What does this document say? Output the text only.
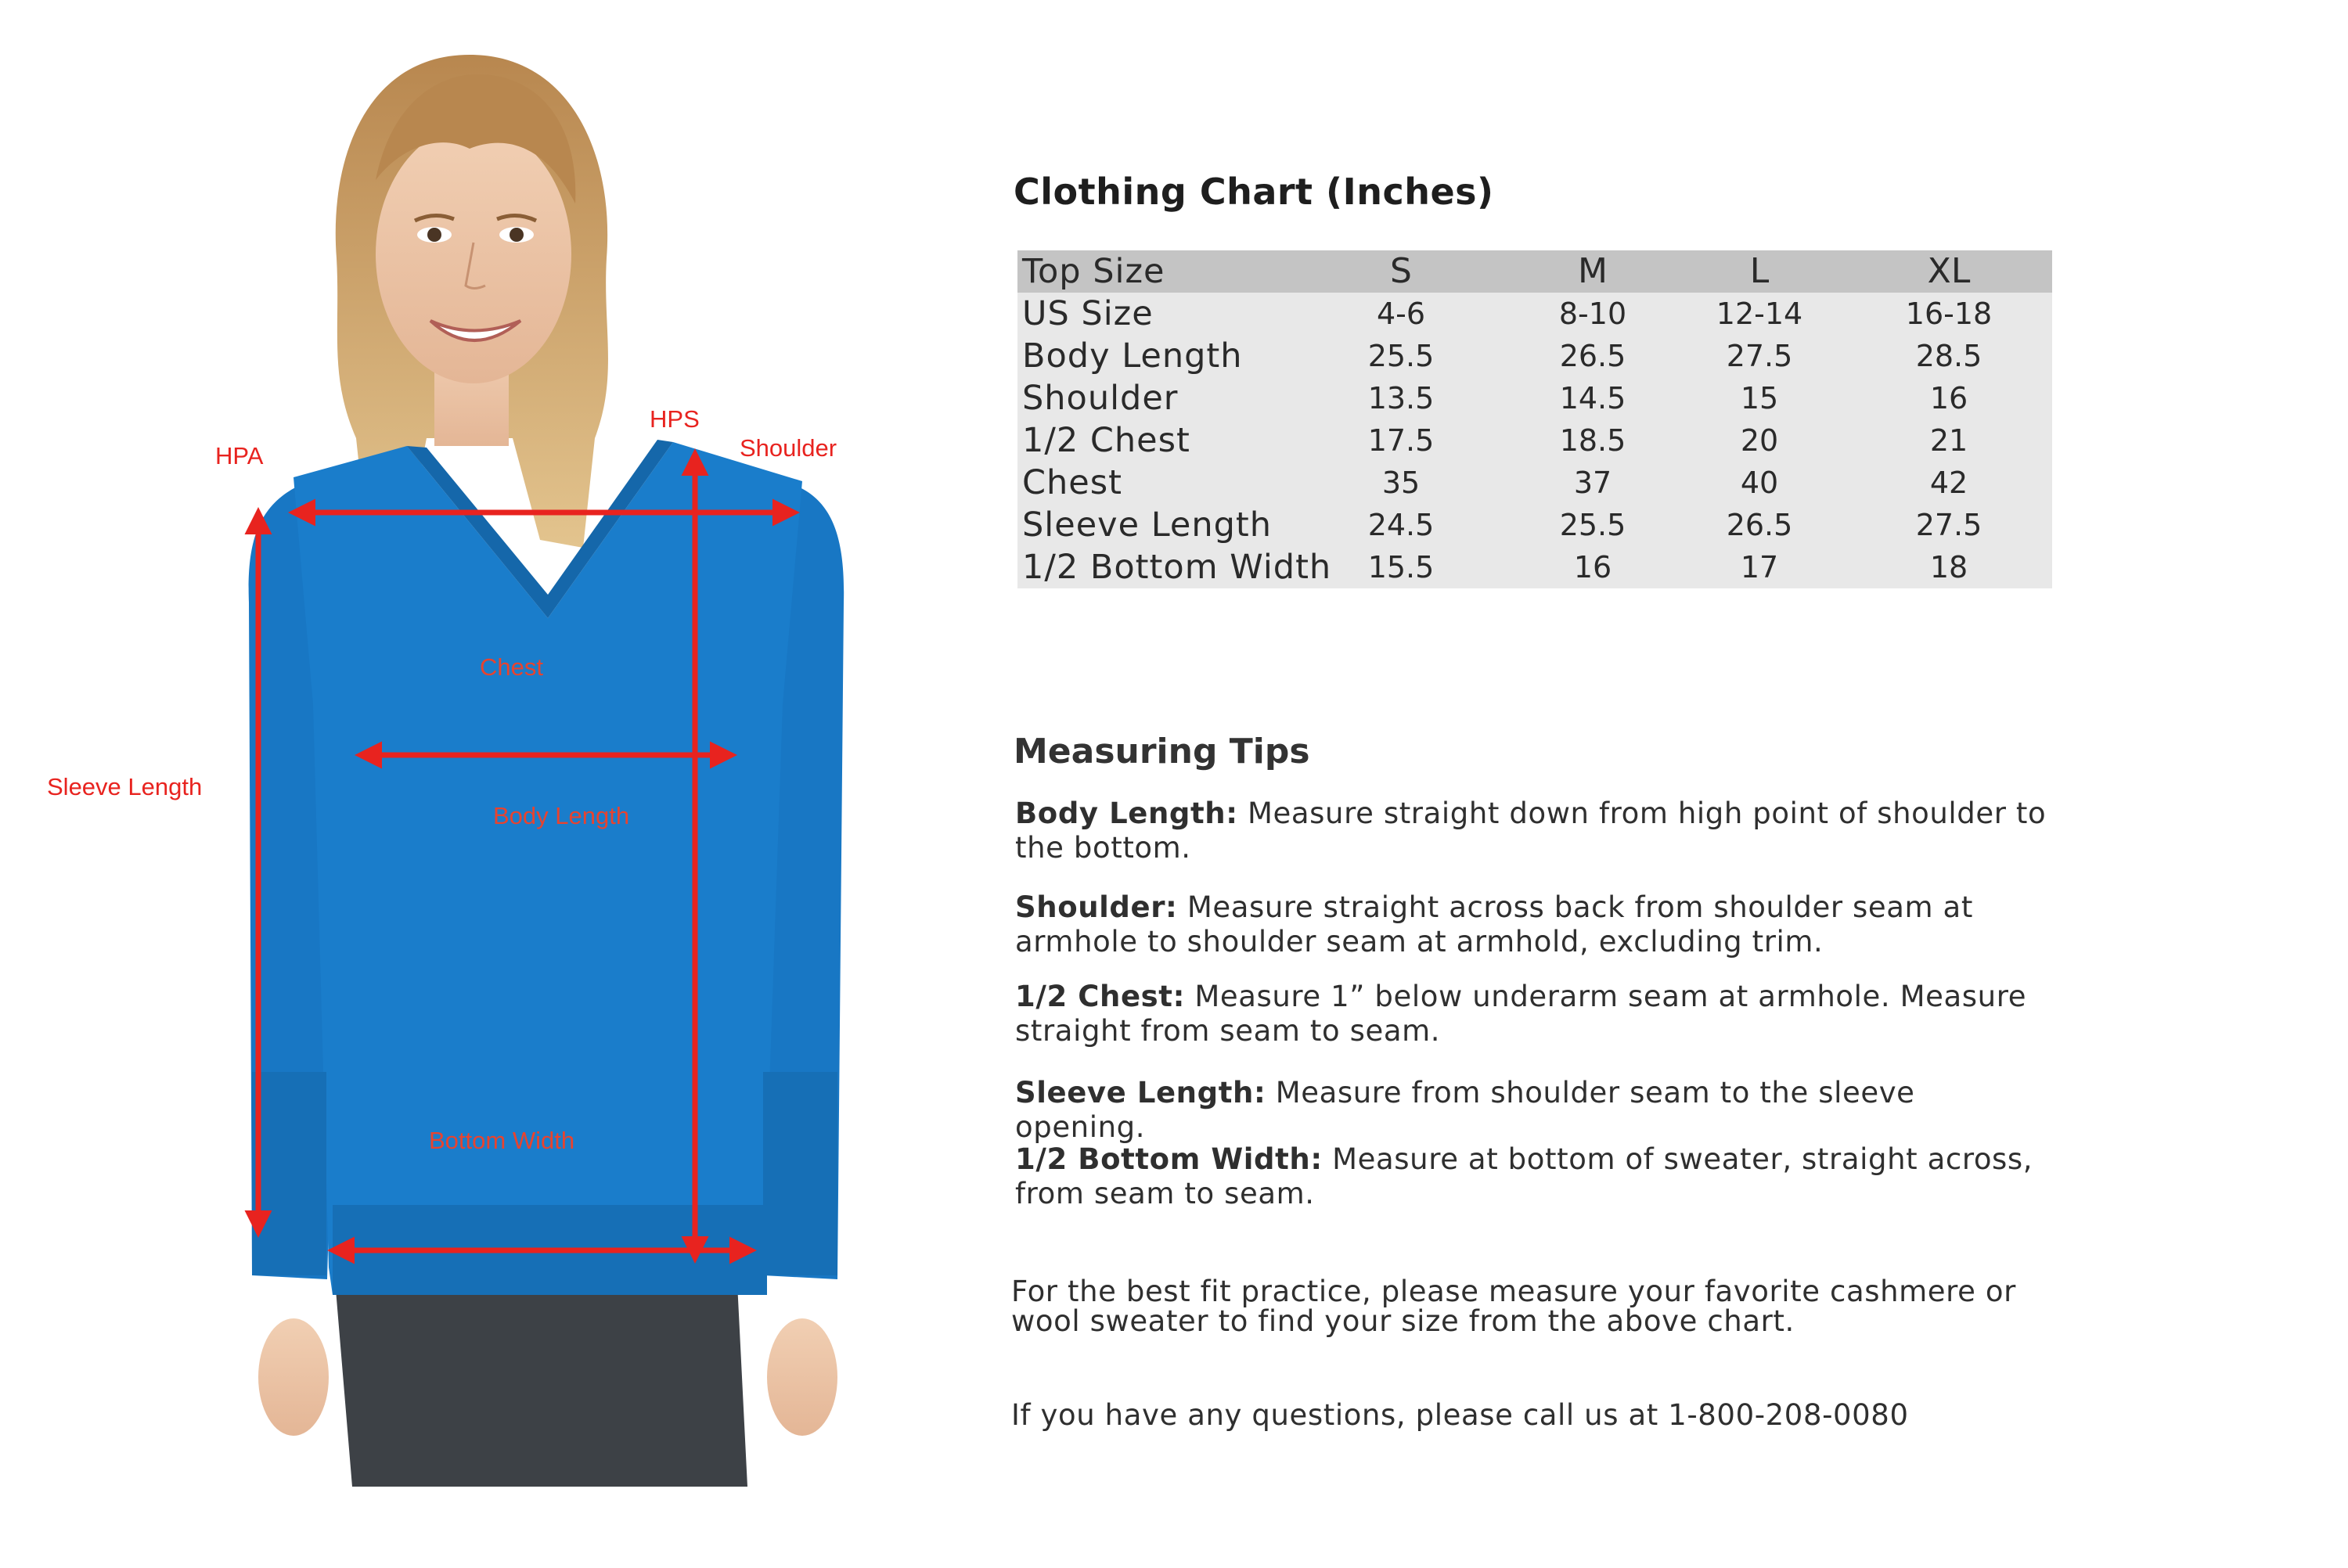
HPA
HPS
Shoulder
Chest
Sleeve Length
Body Length
Bottom Width
Clothing Chart (Inches)
Top Size	S	M	L	XL
US Size	4-6	8-10	12-14	16-18
Body Length	25.5	26.5	27.5	28.5
Shoulder	13.5	14.5	15	16
1/2 Chest	17.5	18.5	20	21
Chest	35	37	40	42
Sleeve Length	24.5	25.5	26.5	27.5
1/2 Bottom Width	15.5	16	17	18
Measuring Tips
Body Length: Measure straight down from high point of shoulder to the bottom.
Shoulder: Measure straight across back from shoulder seam at armhole to shoulder seam at armhold, excluding trim.
1/2 Chest: Measure 1” below underarm seam at armhole. Measure straight from seam to seam.
Sleeve Length: Measure from shoulder seam to the sleeve opening.
1/2 Bottom Width: Measure at bottom of sweater, straight across, from seam to seam.
For the best fit practice, please measure your favorite cashmere or wool sweater to find your size from the above chart.
If you have any questions, please call us at 1-800-208-0080
